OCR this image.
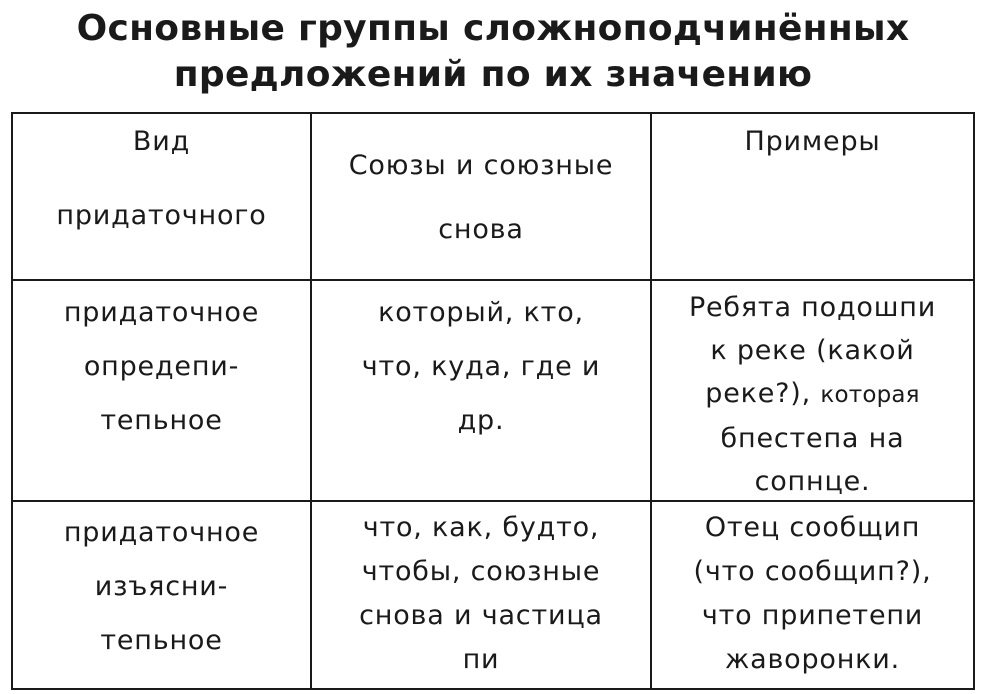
Основные группы сложноподчинённых
предложений по их значению
Вид
придаточного
Союзы и союзные
снова
Примеры
придаточное
опредепи-
тепьное
который, кто,
что, куда, где и
др.
Ребята подошпи
к реке (какой
реке?), которая
бпестепа на
сопнце.
придаточное
изъясни-
тепьное
что, как, будто,
чтобы, союзные
снова и частица
пи
Отец сообщип
(что сообщип?),
что припетепи
жаворонки.
